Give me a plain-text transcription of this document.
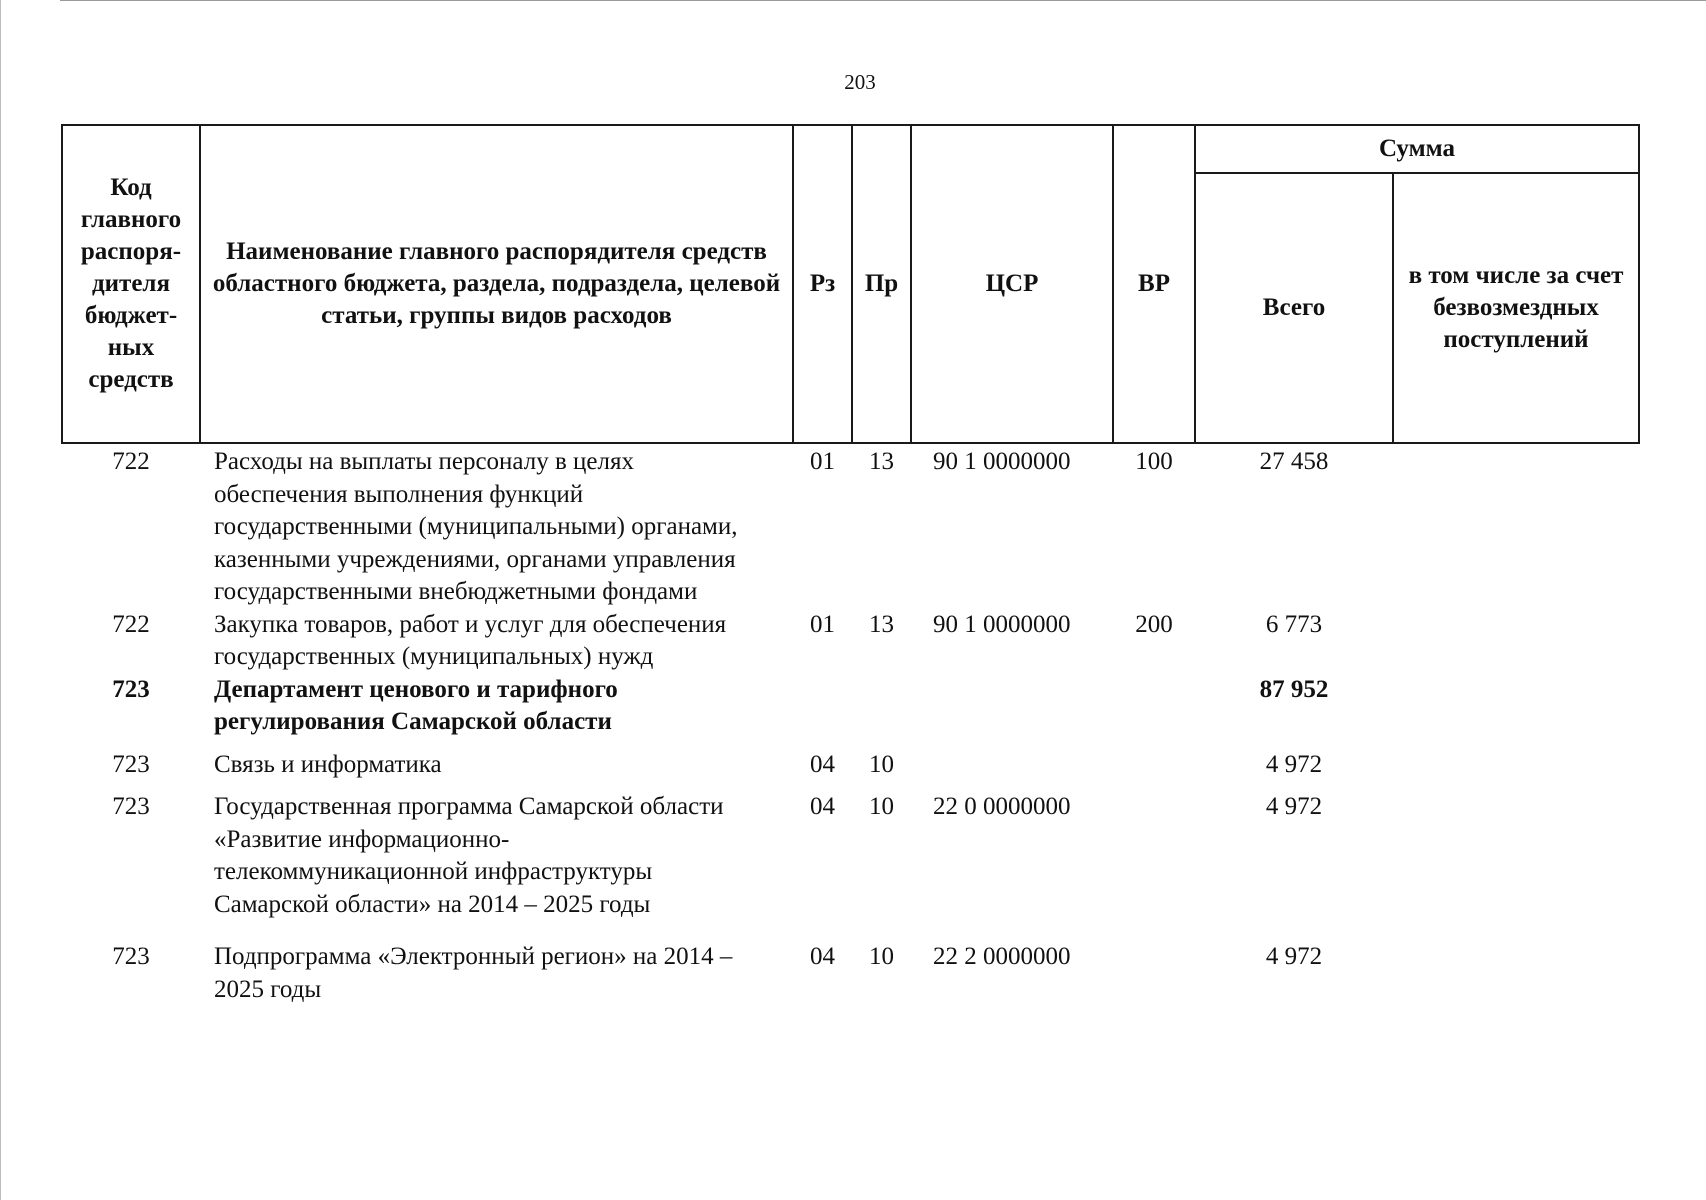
203
Код главного распоря-дителя бюджет-ных средств	Наименование главного распорядителя средств областного бюджета, раздела, подраздела, целевой статьи, группы видов расходов	Рз	Пр	ЦСР	ВР	Сумма	
						Всего	в том числе за счет безвозмездных поступлений
722	Расходы на выплаты персоналу в целях обеспечения выполнения функций государственными (муниципальными) органами, казенными учреждениями, органами управления государственными внебюджетными фондами	01	13	90 1 0000000	100	27 458	
722	Закупка товаров, работ и услуг для обеспечения государственных (муниципальных) нужд	01	13	90 1 0000000	200	6 773	
723	Департамент ценового и тарифного регулирования Самарской области					87 952	
723	Связь и информатика	04	10			4 972	
723	Государственная программа Самарской области «Развитие информационно-телекоммуникационной инфраструктуры Самарской области» на 2014 – 2025 годы	04	10	22 0 0000000		4 972	
723	Подпрограмма «Электронный регион» на 2014 – 2025 годы	04	10	22 2 0000000		4 972	
